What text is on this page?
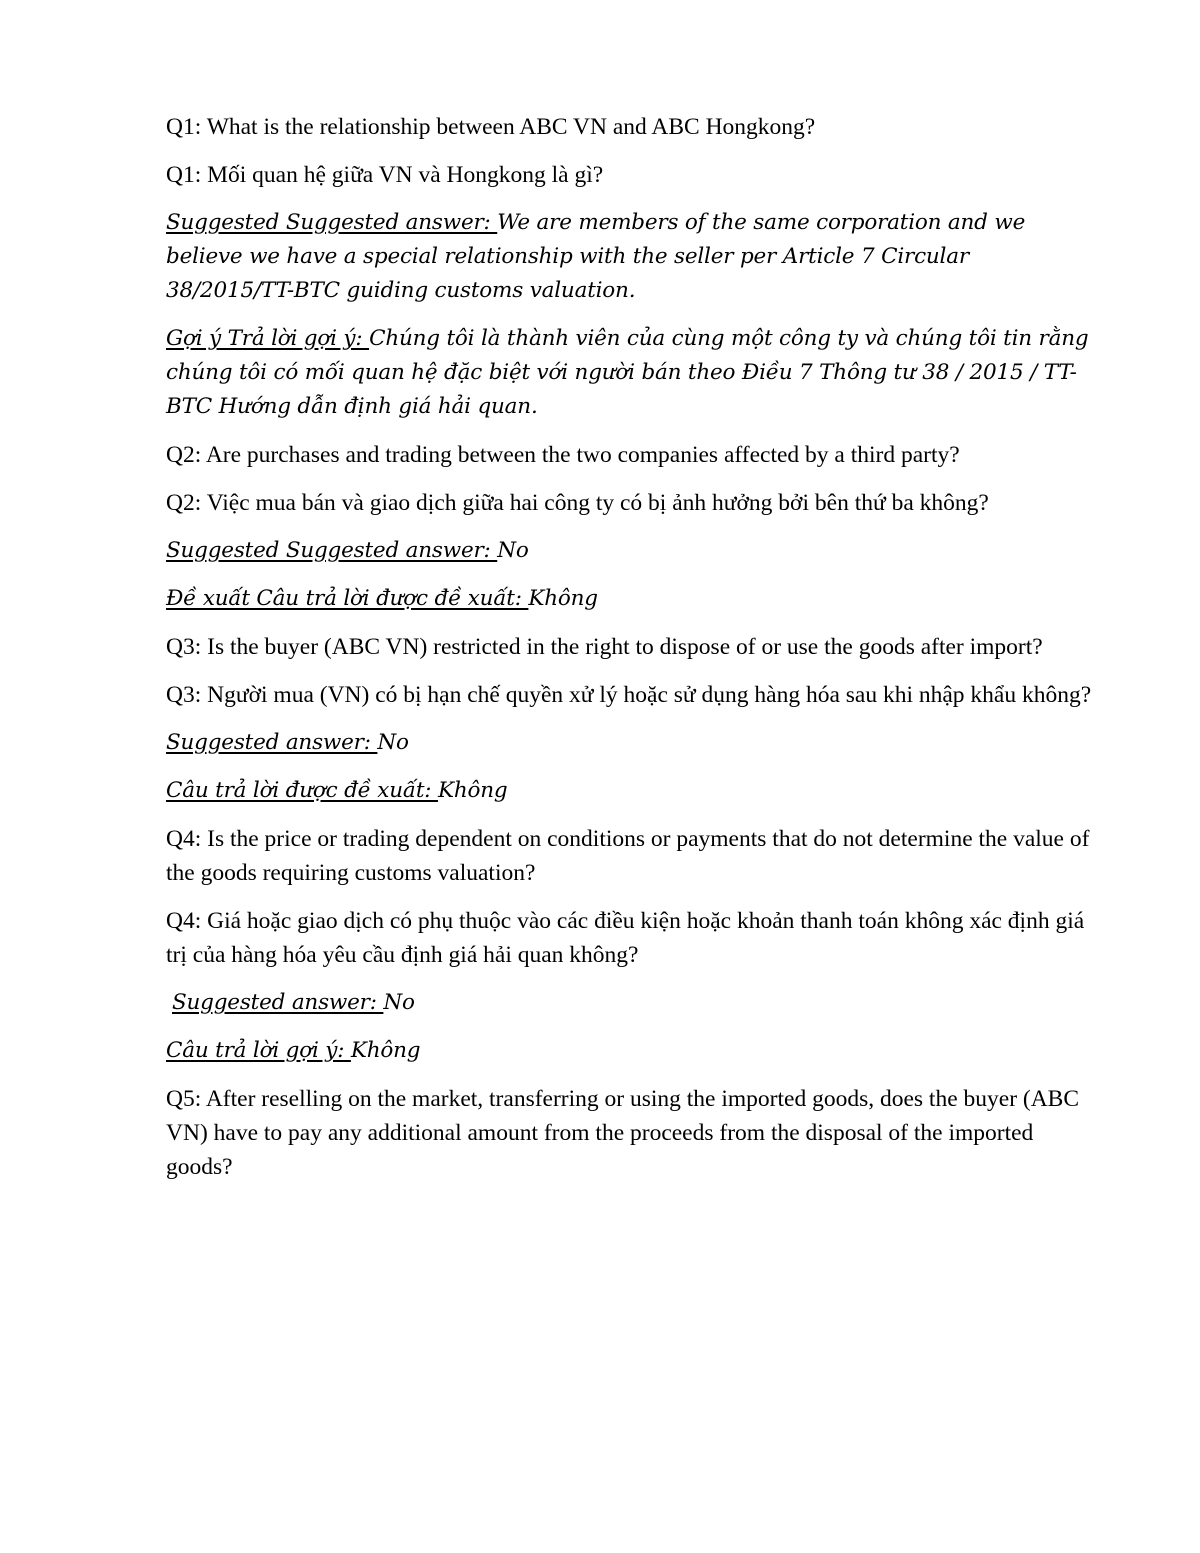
Q1: What is the relationship between ABC VN and ABC Hongkong?

Q1: Mối quan hệ giữa VN và Hongkong là gì?

Suggested Suggested answer: We are members of the same corporation and we believe we have a special relationship with the seller per Article 7 Circular 38/2015/TT-BTC guiding customs valuation.

Gợi ý Trả lời gợi ý: Chúng tôi là thành viên của cùng một công ty và chúng tôi tin rằng chúng tôi có mối quan hệ đặc biệt với người bán theo Điều 7 Thông tư 38 / 2015 / TT-BTC Hướng dẫn định giá hải quan.

Q2: Are purchases and trading between the two companies affected by a third party?

Q2: Việc mua bán và giao dịch giữa hai công ty có bị ảnh hưởng bởi bên thứ ba không?

Suggested Suggested answer: No

Đề xuất Câu trả lời được đề xuất: Không

Q3: Is the buyer (ABC VN) restricted in the right to dispose of or use the goods after import?

Q3: Người mua (VN) có bị hạn chế quyền xử lý hoặc sử dụng hàng hóa sau khi nhập khẩu không?

Suggested answer: No

Câu trả lời được đề xuất: Không

Q4: Is the price or trading dependent on conditions or payments that do not determine the value of the goods requiring customs valuation?

Q4: Giá hoặc giao dịch có phụ thuộc vào các điều kiện hoặc khoản thanh toán không xác định giá trị của hàng hóa yêu cầu định giá hải quan không?

Suggested answer: No

Câu trả lời gợi ý: Không

Q5: After reselling on the market, transferring or using the imported goods, does the buyer (ABC VN) have to pay any additional amount from the proceeds from the disposal of the imported goods?
